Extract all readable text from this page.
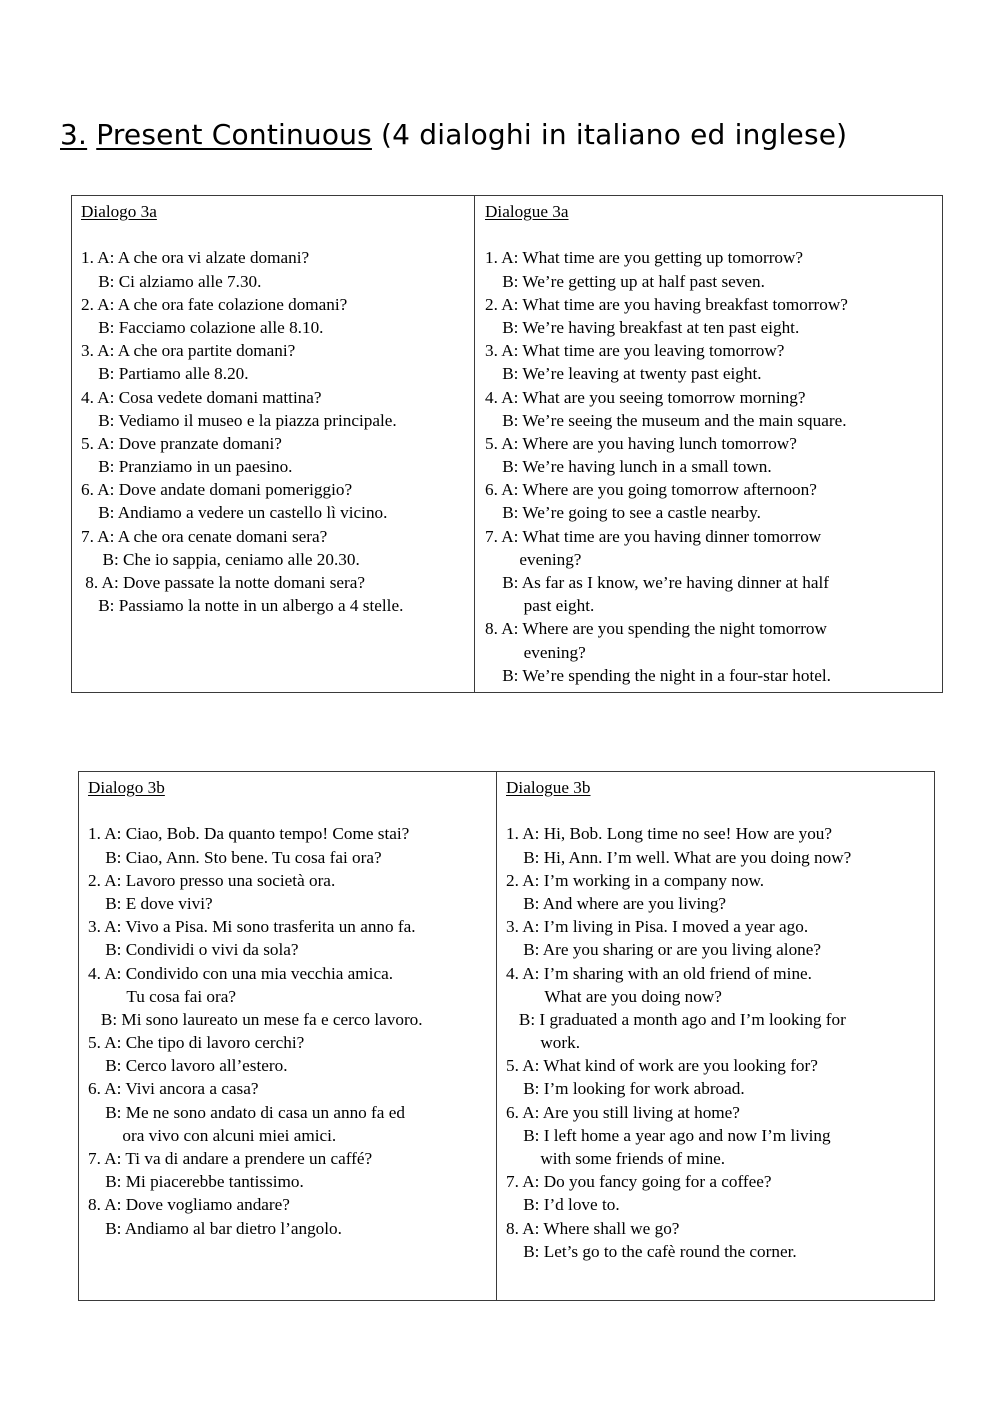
3. Present Continuous (4 dialoghi in italiano ed inglese)
Dialogo 3a
1. A: A che ora vi alzate domani?
B: Ci alziamo alle 7.30.
2. A: A che ora fate colazione domani?
B: Facciamo colazione alle 8.10.
3. A: A che ora partite domani?
B: Partiamo alle 8.20.
4. A: Cosa vedete domani mattina?
B: Vediamo il museo e la piazza principale.
5. A: Dove pranzate domani?
B: Pranziamo in un paesino.
6. A: Dove andate domani pomeriggio?
B: Andiamo a vedere un castello lì vicino.
7. A: A che ora cenate domani sera?
B: Che io sappia, ceniamo alle 20.30.
8. A: Dove passate la notte domani sera?
B: Passiamo la notte in un albergo a 4 stelle.
Dialogue 3a
1. A: What time are you getting up tomorrow?
B: We’re getting up at half past seven.
2. A: What time are you having breakfast tomorrow?
B: We’re having breakfast at ten past eight.
3. A: What time are you leaving tomorrow?
B: We’re leaving at twenty past eight.
4. A: What are you seeing tomorrow morning?
B: We’re seeing the museum and the main square.
5. A: Where are you having lunch tomorrow?
B: We’re having lunch in a small town.
6. A: Where are you going tomorrow afternoon?
B: We’re going to see a castle nearby.
7. A: What time are you having dinner tomorrow
evening?
B: As far as I know, we’re having dinner at half
past eight.
8. A: Where are you spending the night tomorrow
evening?
B: We’re spending the night in a four-star hotel.
Dialogo 3b
1. A: Ciao, Bob. Da quanto tempo! Come stai?
B: Ciao, Ann. Sto bene. Tu cosa fai ora?
2. A: Lavoro presso una società ora.
B: E dove vivi?
3. A: Vivo a Pisa. Mi sono trasferita un anno fa.
B: Condividi o vivi da sola?
4. A: Condivido con una mia vecchia amica.
Tu cosa fai ora?
B: Mi sono laureato un mese fa e cerco lavoro.
5. A: Che tipo di lavoro cerchi?
B: Cerco lavoro all’estero.
6. A: Vivi ancora a casa?
B: Me ne sono andato di casa un anno fa ed
ora vivo con alcuni miei amici.
7. A: Ti va di andare a prendere un caffé?
B: Mi piacerebbe tantissimo.
8. A: Dove vogliamo andare?
B: Andiamo al bar dietro l’angolo.
Dialogue 3b
1. A: Hi, Bob. Long time no see! How are you?
B: Hi, Ann. I’m well. What are you doing now?
2. A: I’m working in a company now.
B: And where are you living?
3. A: I’m living in Pisa. I moved a year ago.
B: Are you sharing or are you living alone?
4. A: I’m sharing with an old friend of mine.
What are you doing now?
B: I graduated a month ago and I’m looking for
work.
5. A: What kind of work are you looking for?
B: I’m looking for work abroad.
6. A: Are you still living at home?
B: I left home a year ago and now I’m living
with some friends of mine.
7. A: Do you fancy going for a coffee?
B: I’d love to.
8. A: Where shall we go?
B: Let’s go to the cafè round the corner.
